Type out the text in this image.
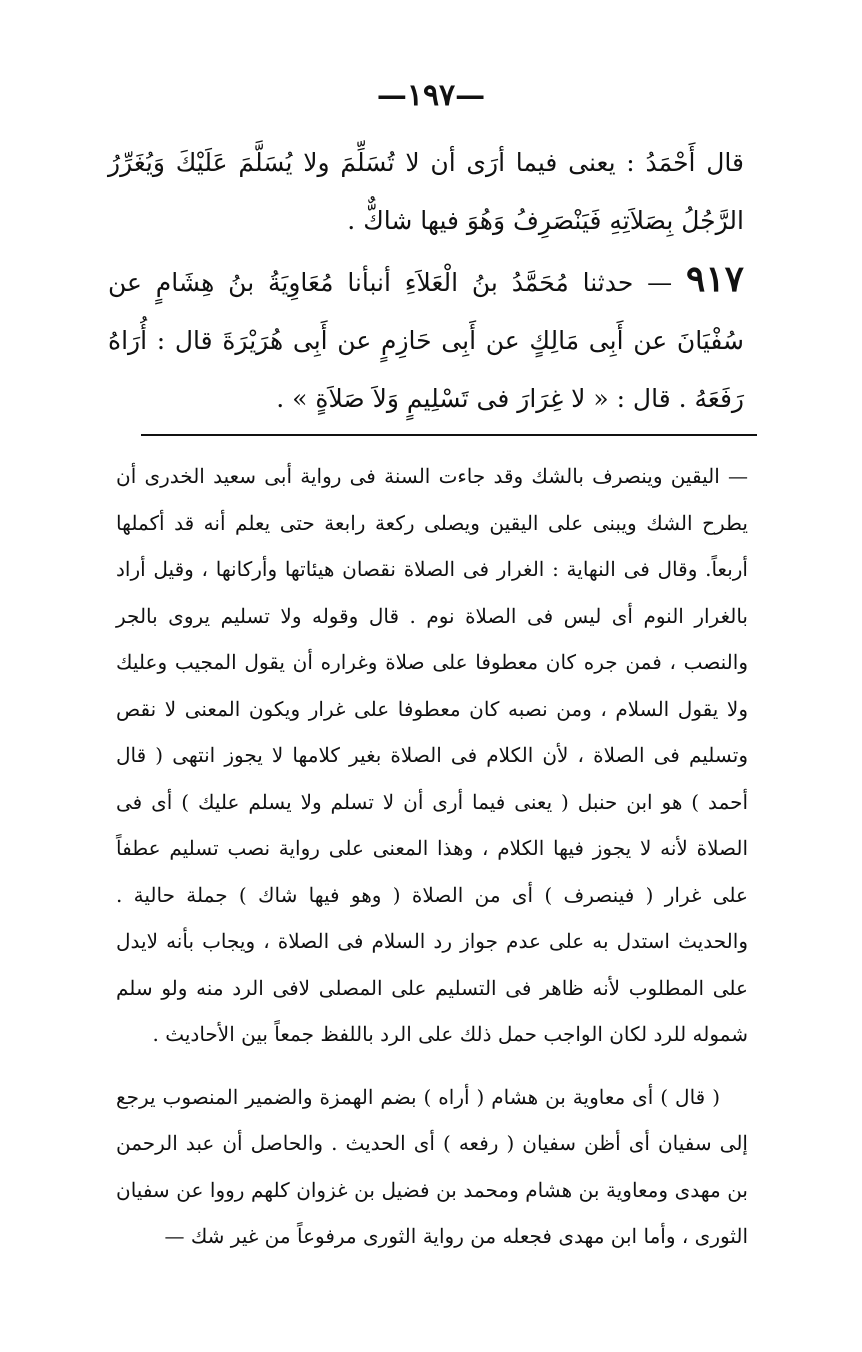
—١٩٧—

قال أَحْمَدُ : يعنى فيما أرَى أن لا تُسَلِّمَ ولا يُسَلَّمَ عَلَيْكَ وَيُغَرِّرُ الرَّجُلُ بِصَلاَتِهِ فَيَنْصَرِفُ وَهُوَ فيها شاكٌّ .

٩١٧ — حدثنا مُحَمَّدُ بنُ الْعَلاَءِ أنبأنا مُعَاوِيَةُ بنُ هِشَامٍ عن سُفْيَانَ عن أَبِى مَالِكٍ عن أَبِى حَازِمٍ عن أَبِى هُرَيْرَةَ قال : أُرَاهُ رَفَعَهُ . قال : « لا غِرَارَ فى تَسْلِيمٍ وَلاَ صَلاَةٍ » .

— اليقين وينصرف بالشك وقد جاءت السنة فى رواية أبى سعيد الخدرى أن يطرح الشك ويبنى على اليقين ويصلى ركعة رابعة حتى يعلم أنه قد أكملها أربعاً. وقال فى النهاية : الغرار فى الصلاة نقصان هيئاتها وأركانها ، وقيل أراد بالغرار النوم أى ليس فى الصلاة نوم . قال وقوله ولا تسليم يروى بالجر والنصب ، فمن جره كان معطوفا على صلاة وغراره أن يقول المجيب وعليك ولا يقول السلام ، ومن نصبه كان معطوفا على غرار ويكون المعنى لا نقص وتسليم فى الصلاة ، لأن الكلام فى الصلاة بغير كلامها لا يجوز انتهى ( قال أحمد ) هو ابن حنبل ( يعنى فيما أرى أن لا تسلم ولا يسلم عليك ) أى فى الصلاة لأنه لا يجوز فيها الكلام ، وهذا المعنى على رواية نصب تسليم عطفاً على غرار ( فينصرف ) أى من الصلاة ( وهو فيها شاك ) جملة حالية . والحديث استدل به على عدم جواز رد السلام فى الصلاة ، ويجاب بأنه لايدل على المطلوب لأنه ظاهر فى التسليم على المصلى لافى الرد منه ولو سلم شموله للرد لكان الواجب حمل ذلك على الرد باللفظ جمعاً بين الأحاديث .

( قال ) أى معاوية بن هشام ( أراه ) بضم الهمزة والضمير المنصوب يرجع إلى سفيان أى أظن سفيان ( رفعه ) أى الحديث . والحاصل أن عبد الرحمن بن مهدى ومعاوية بن هشام ومحمد بن فضيل بن غزوان كلهم رووا عن سفيان الثورى ، وأما ابن مهدى فجعله من رواية الثورى مرفوعاً من غير شك —
